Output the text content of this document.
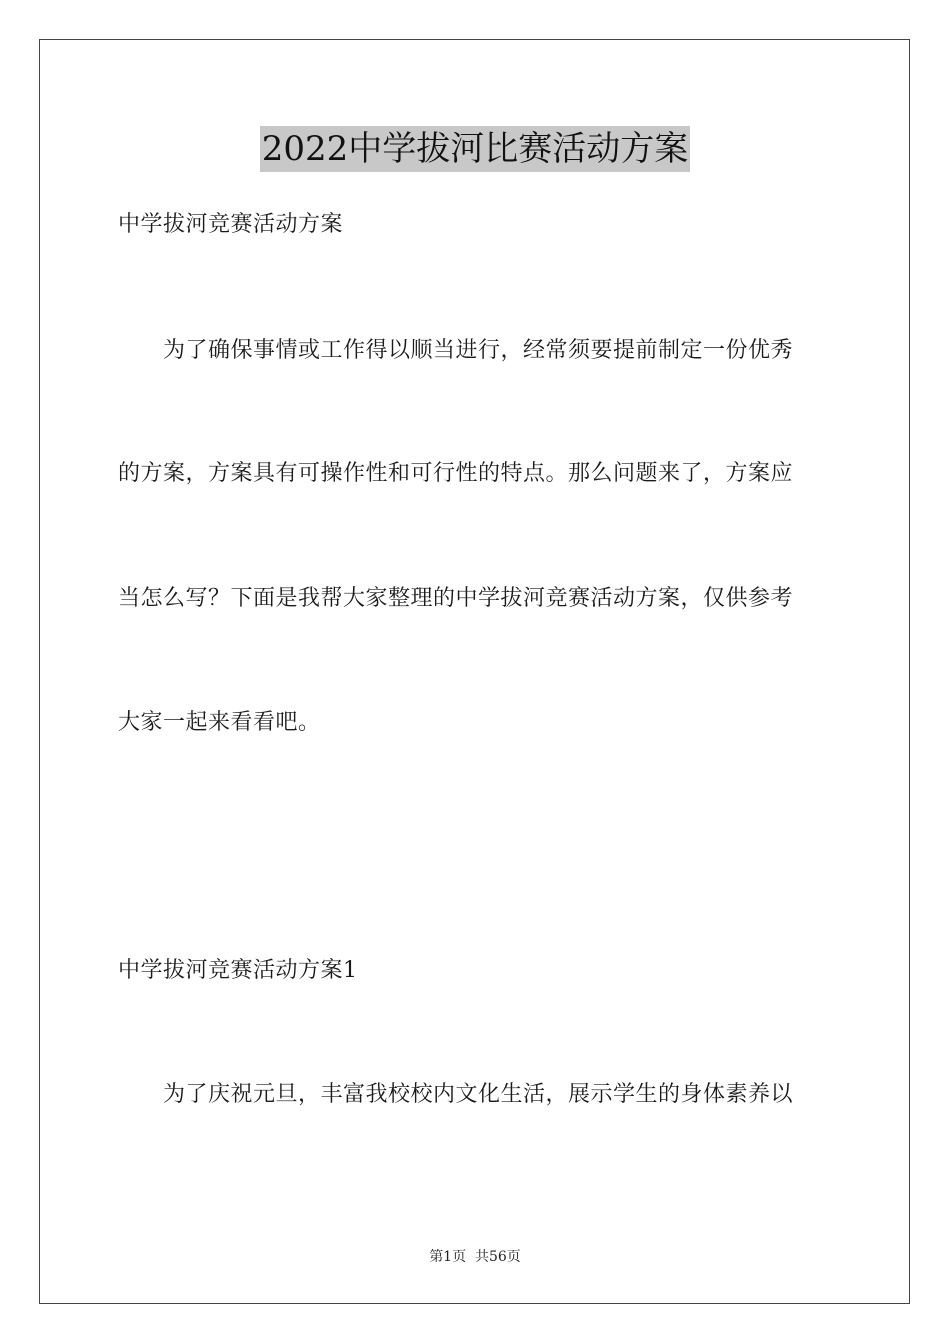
2022中学拔河比赛活动方案
中学拔河竞赛活动方案
为了确保事情或工作得以顺当进行，经常须要提前制定一份优秀
的方案，方案具有可操作性和可行性的特点。那么问题来了，方案应
当怎么写？下面是我帮大家整理的中学拔河竞赛活动方案，仅供参考
大家一起来看看吧。
中学拔河竞赛活动方案1
为了庆祝元旦，丰富我校校内文化生活，展示学生的身体素养以
第1页  共56页
